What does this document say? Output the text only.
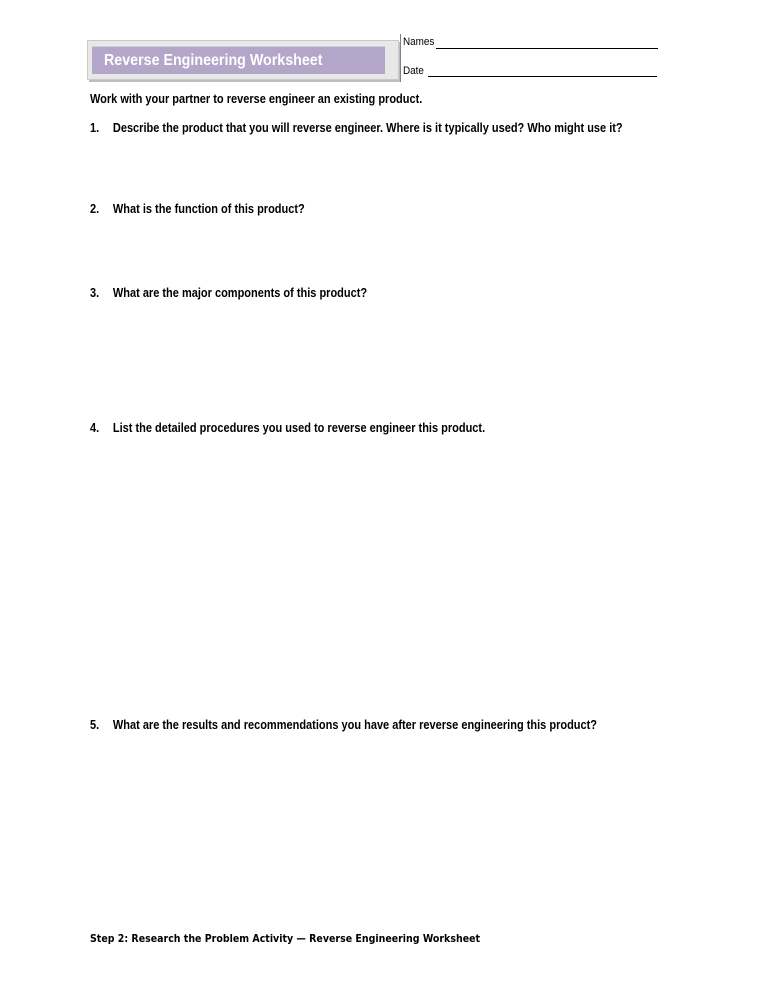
Reverse Engineering Worksheet
Names
Date
Work with your partner to reverse engineer an existing product.
1. Describe the product that you will reverse engineer. Where is it typically used? Who might use it?
2. What is the function of this product?
3. What are the major components of this product?
4. List the detailed procedures you used to reverse engineer this product.
5. What are the results and recommendations you have after reverse engineering this product?
Step 2: Research the Problem Activity — Reverse Engineering Worksheet
